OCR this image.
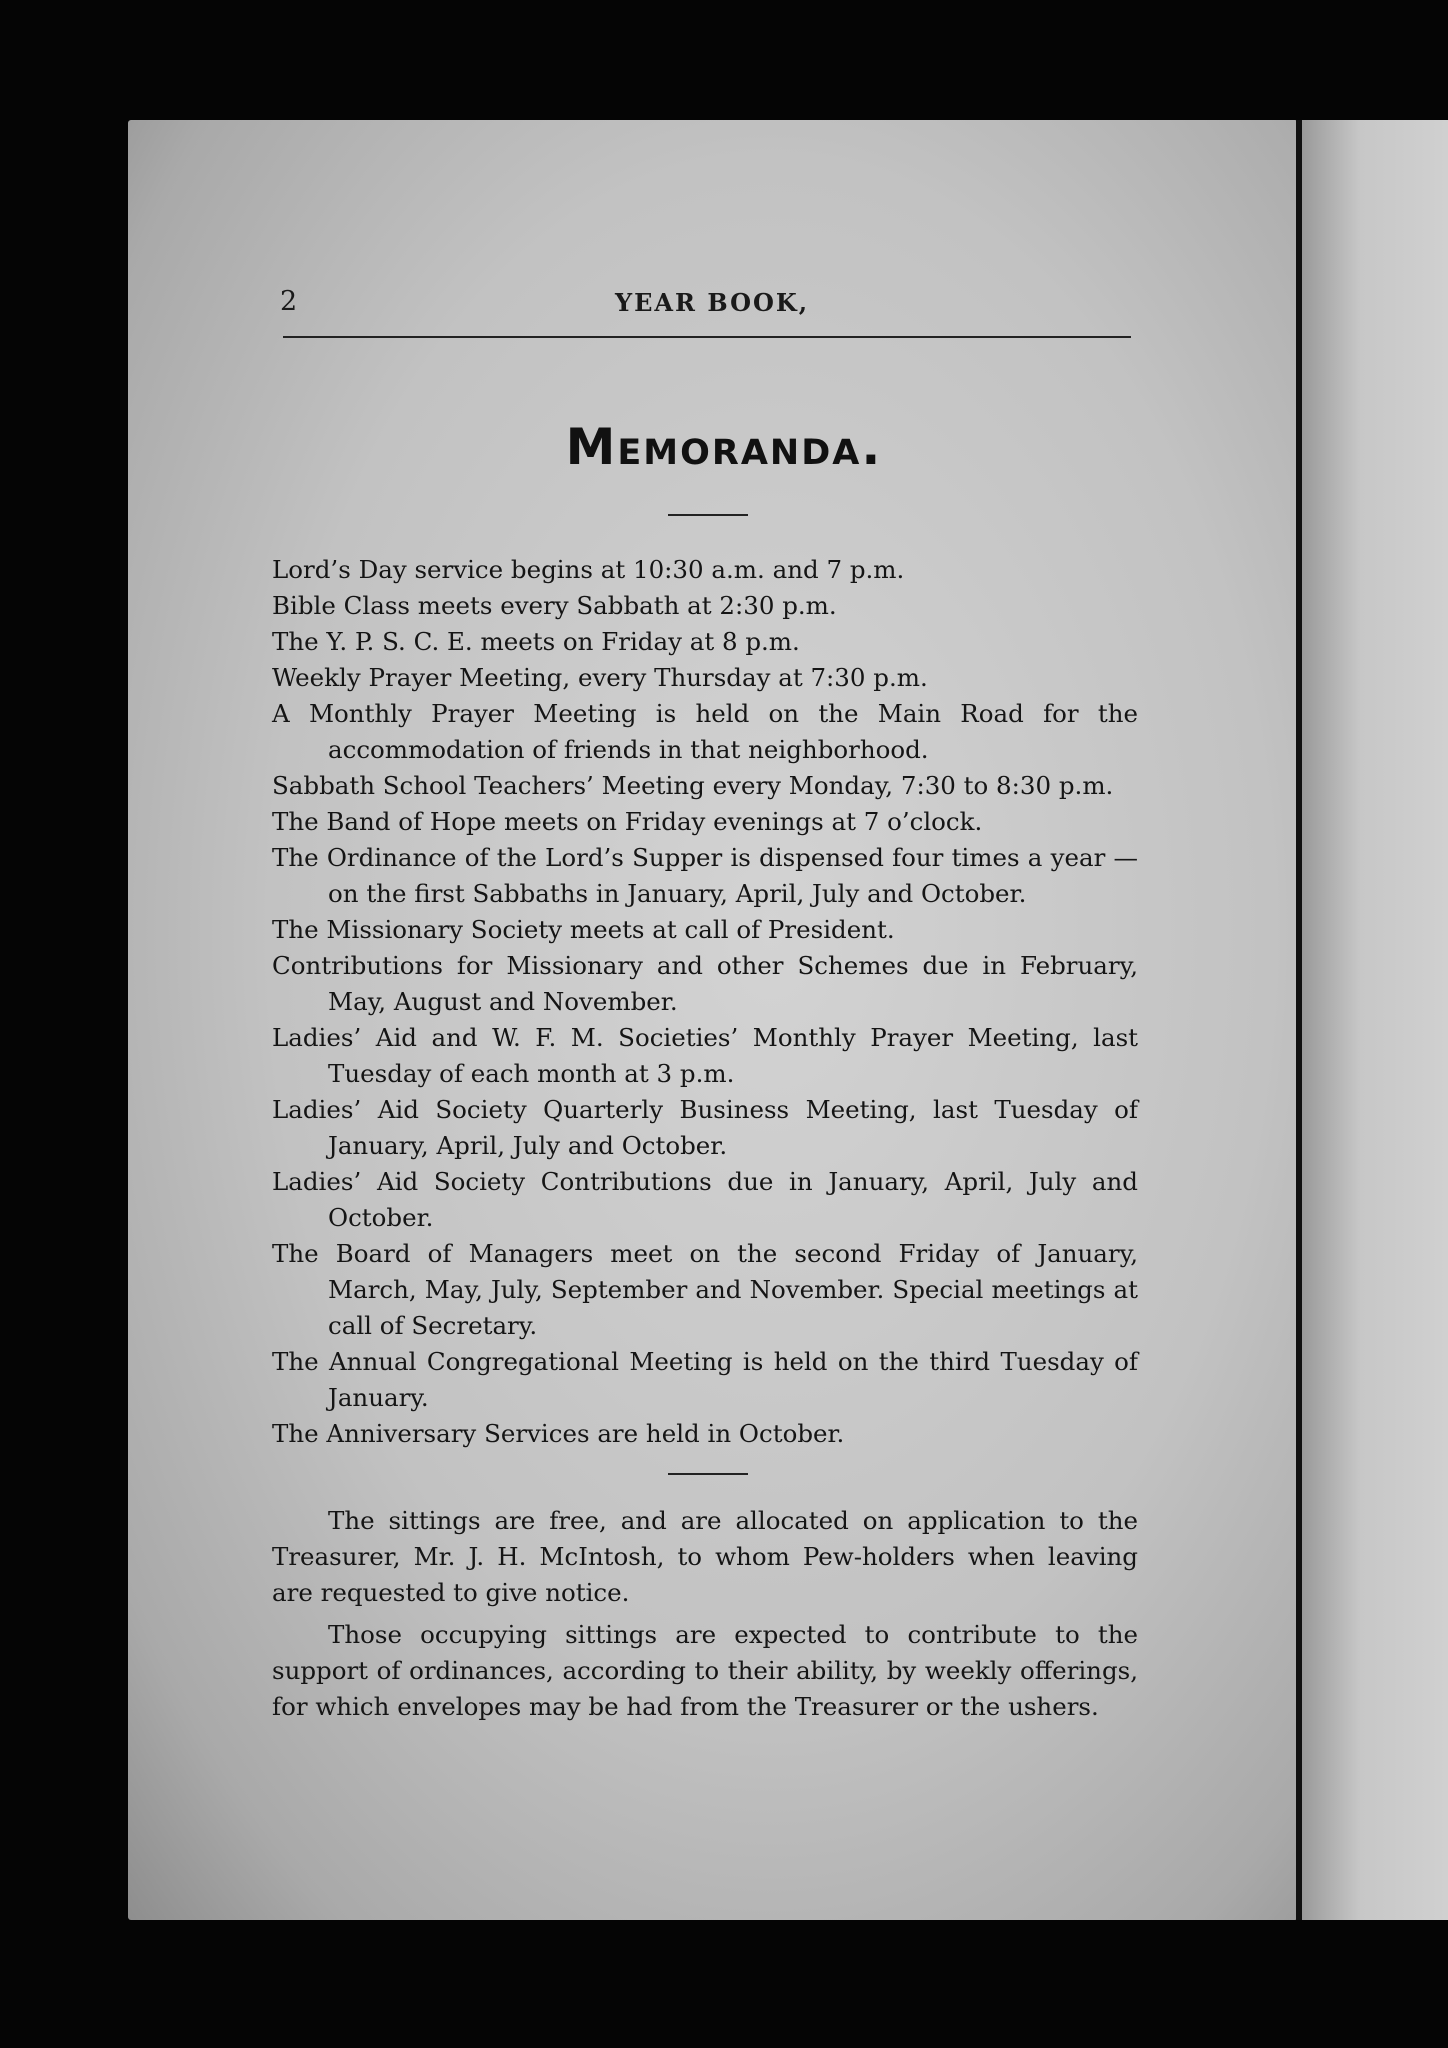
2	YEAR BOOK,
Memoranda.
Lord’s Day service begins at 10:30 a.m. and 7 p.m.
Bible Class meets every Sabbath at 2:30 p.m.
The Y. P. S. C. E. meets on Friday at 8 p.m.
Weekly Prayer Meeting, every Thursday at 7:30 p.m.
A Monthly Prayer Meeting is held on the Main Road for the accommodation of friends in that neighborhood.
Sabbath School Teachers’ Meeting every Monday, 7:30 to 8:30 p.m.
The Band of Hope meets on Friday evenings at 7 o’clock.
The Ordinance of the Lord’s Supper is dispensed four times a year —on the first Sabbaths in January, April, July and October.
The Missionary Society meets at call of President.
Contributions for Missionary and other Schemes due in February, May, August and November.
Ladies’ Aid and W. F. M. Societies’ Monthly Prayer Meeting, last Tuesday of each month at 3 p.m.
Ladies’ Aid Society Quarterly Business Meeting, last Tuesday of January, April, July and October.
Ladies’ Aid Society Contributions due in January, April, July and October.
The Board of Managers meet on the second Friday of January, March, May, July, September and November. Special meetings at call of Secretary.
The Annual Congregational Meeting is held on the third Tuesday of January.
The Anniversary Services are held in October.

The sittings are free, and are allocated on application to the Treasurer, Mr. J. H. McIntosh, to whom Pew-holders when leaving are requested to give notice.

Those occupying sittings are expected to contribute to the support of ordinances, according to their ability, by weekly offerings, for which envelopes may be had from the Treasurer or the ushers.
